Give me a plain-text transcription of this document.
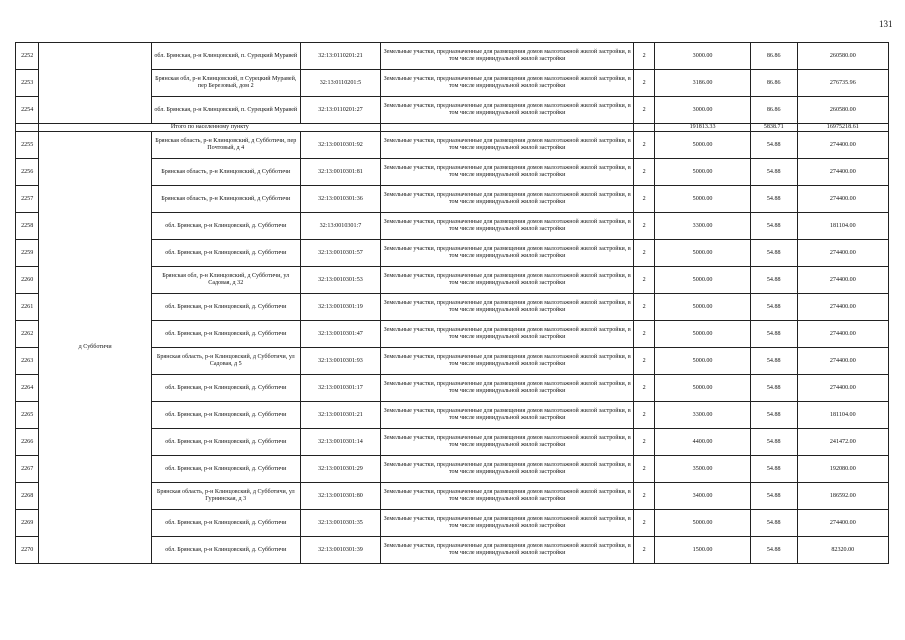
131
2252		обл. Брянская, р-н Клинцовский, п. Сурецкий Муравей	32:13:0110201:21	Земельные участки, предназначенные для размещения домов малоэтажной жилой застройки, в том числе индивидуальной жилой застройки	2	3000.00	86.86	260580.00
2253		Брянская обл, р-н Клинцовский, п Сурецкий Муравей, пер Березовый, дом 2	32:13:0110201:5	Земельные участки, предназначенные для размещения домов малоэтажной жилой застройки, в том числе индивидуальной жилой застройки	2	3186.00	86.86	276735.96
2254		обл. Брянская, р-н Клинцовский, п. Сурецкий Муравей	32:13:0110201:27	Земельные участки, предназначенные для размещения домов малоэтажной жилой застройки, в том числе индивидуальной жилой застройки	2	3000.00	86.86	260580.00
	Итого по населенному пункту					191813.33	5838.71	16975218.61
2255	д Субботичи	Брянская область, р-н Клинцовский, д Субботичи, пер Почтовый, д 4	32:13:0010301:92	Земельные участки, предназначенные для размещения домов малоэтажной жилой застройки, в том числе индивидуальной жилой застройки	2	5000.00	54.88	274400.00
2256		Брянская область, р-н Клинцовский, д Субботичи	32:13:0010301:81	Земельные участки, предназначенные для размещения домов малоэтажной жилой застройки, в том числе индивидуальной жилой застройки	2	5000.00	54.88	274400.00
2257		Брянская область, р-н Клинцовский, д Субботичи	32:13:0010301:36	Земельные участки, предназначенные для размещения домов малоэтажной жилой застройки, в том числе индивидуальной жилой застройки	2	5000.00	54.88	274400.00
2258		обл. Брянская, р-н Клинцовский, д. Субботичи	32:13:0010301:7	Земельные участки, предназначенные для размещения домов малоэтажной жилой застройки, в том числе индивидуальной жилой застройки	2	3300.00	54.88	181104.00
2259		обл. Брянская, р-н Клинцовский, д. Субботичи	32:13:0010301:57	Земельные участки, предназначенные для размещения домов малоэтажной жилой застройки, в том числе индивидуальной жилой застройки	2	5000.00	54.88	274400.00
2260		Брянская обл, р-н Клинцовский, д Субботичи, ул Садовая, д 32	32:13:0010301:53	Земельные участки, предназначенные для размещения домов малоэтажной жилой застройки, в том числе индивидуальной жилой застройки	2	5000.00	54.88	274400.00
2261		обл. Брянская, р-н Клинцовский, д. Субботичи	32:13:0010301:19	Земельные участки, предназначенные для размещения домов малоэтажной жилой застройки, в том числе индивидуальной жилой застройки	2	5000.00	54.88	274400.00
2262		обл. Брянская, р-н Клинцовский, д. Субботичи	32:13:0010301:47	Земельные участки, предназначенные для размещения домов малоэтажной жилой застройки, в том числе индивидуальной жилой застройки	2	5000.00	54.88	274400.00
2263		Брянская область, р-н Клинцовский, д Субботичи, ул Садовая, д 5	32:13:0010301:93	Земельные участки, предназначенные для размещения домов малоэтажной жилой застройки, в том числе индивидуальной жилой застройки	2	5000.00	54.88	274400.00
2264		обл. Брянская, р-н Клинцовский, д. Субботичи	32:13:0010301:17	Земельные участки, предназначенные для размещения домов малоэтажной жилой застройки, в том числе индивидуальной жилой застройки	2	5000.00	54.88	274400.00
2265		обл. Брянская, р-н Клинцовский, д. Субботичи	32:13:0010301:21	Земельные участки, предназначенные для размещения домов малоэтажной жилой застройки, в том числе индивидуальной жилой застройки	2	3300.00	54.88	181104.00
2266		обл. Брянская, р-н Клинцовский, д. Субботичи	32:13:0010301:14	Земельные участки, предназначенные для размещения домов малоэтажной жилой застройки, в том числе индивидуальной жилой застройки	2	4400.00	54.88	241472.00
2267		обл. Брянская, р-н Клинцовский, д. Субботичи	32:13:0010301:29	Земельные участки, предназначенные для размещения домов малоэтажной жилой застройки, в том числе индивидуальной жилой застройки	2	3500.00	54.88	192080.00
2268		Брянская область, р-н Клинцовский, д Субботичи, ул Гурнинская, д 3	32:13:0010301:80	Земельные участки, предназначенные для размещения домов малоэтажной жилой застройки, в том числе индивидуальной жилой застройки	2	3400.00	54.88	186592.00
2269		обл. Брянская, р-н Клинцовский, д. Субботичи	32:13:0010301:35	Земельные участки, предназначенные для размещения домов малоэтажной жилой застройки, в том числе индивидуальной жилой застройки	2	5000.00	54.88	274400.00
2270		обл. Брянская, р-н Клинцовский, д. Субботичи	32:13:0010301:39	Земельные участки, предназначенные для размещения домов малоэтажной жилой застройки, в том числе индивидуальной жилой застройки	2	1500.00	54.88	82320.00
